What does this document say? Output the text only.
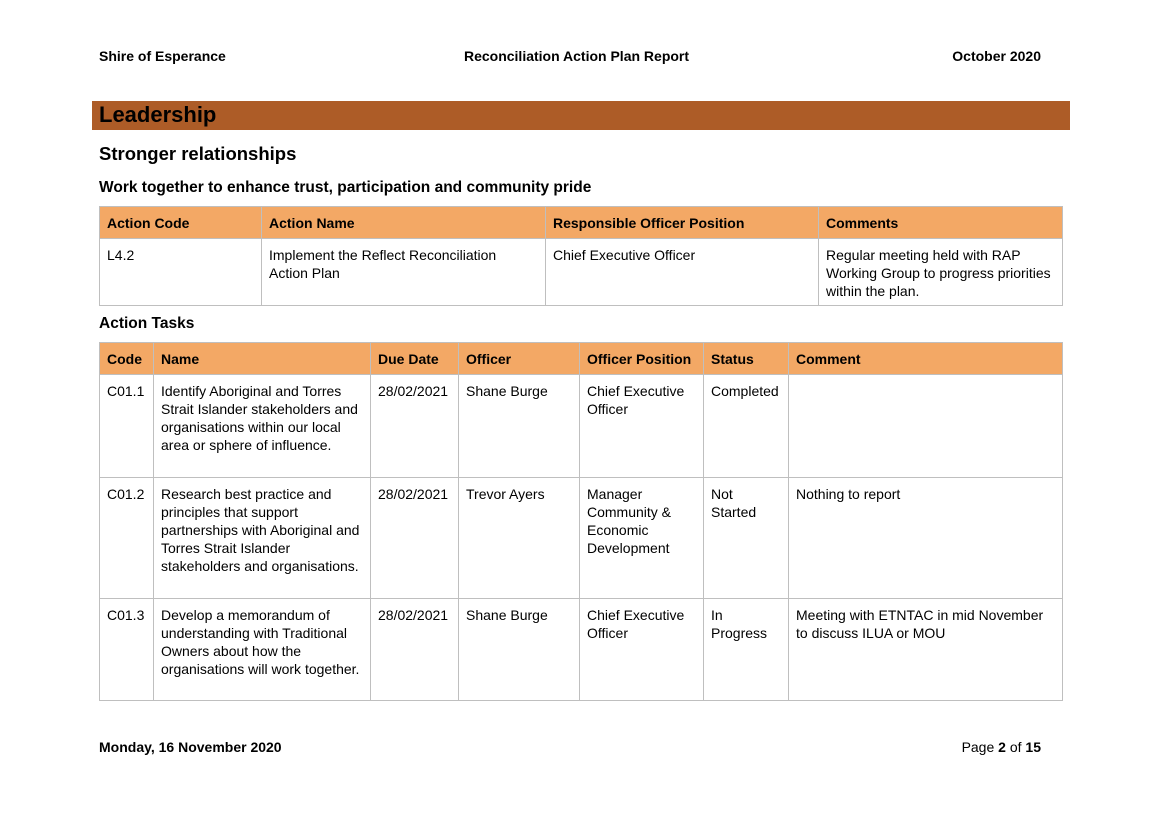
Shire of Esperance	Reconciliation Action Plan Report	October 2020
Leadership
Stronger relationships
Work together to enhance trust, participation and community pride
Action Code	Action Name	Responsible Officer Position	Comments
L4.2	Implement the Reflect Reconciliation Action Plan	Chief Executive Officer	Regular meeting held with RAP Working Group to progress priorities within the plan.
Action Tasks
Code	Name	Due Date	Officer	Officer Position	Status	Comment
C01.1	Identify Aboriginal and Torres Strait Islander stakeholders and organisations within our local area or sphere of influence.	28/02/2021	Shane Burge	Chief Executive Officer	Completed	
C01.2	Research best practice and principles that support partnerships with Aboriginal and Torres Strait Islander stakeholders and organisations.	28/02/2021	Trevor Ayers	Manager Community & Economic Development	Not Started	Nothing to report
C01.3	Develop a memorandum of understanding with Traditional Owners about how the organisations will work together.	28/02/2021	Shane Burge	Chief Executive Officer	In Progress	Meeting with ETNTAC in mid November to discuss ILUA or MOU
Monday, 16 November 2020	Page 2 of 15
